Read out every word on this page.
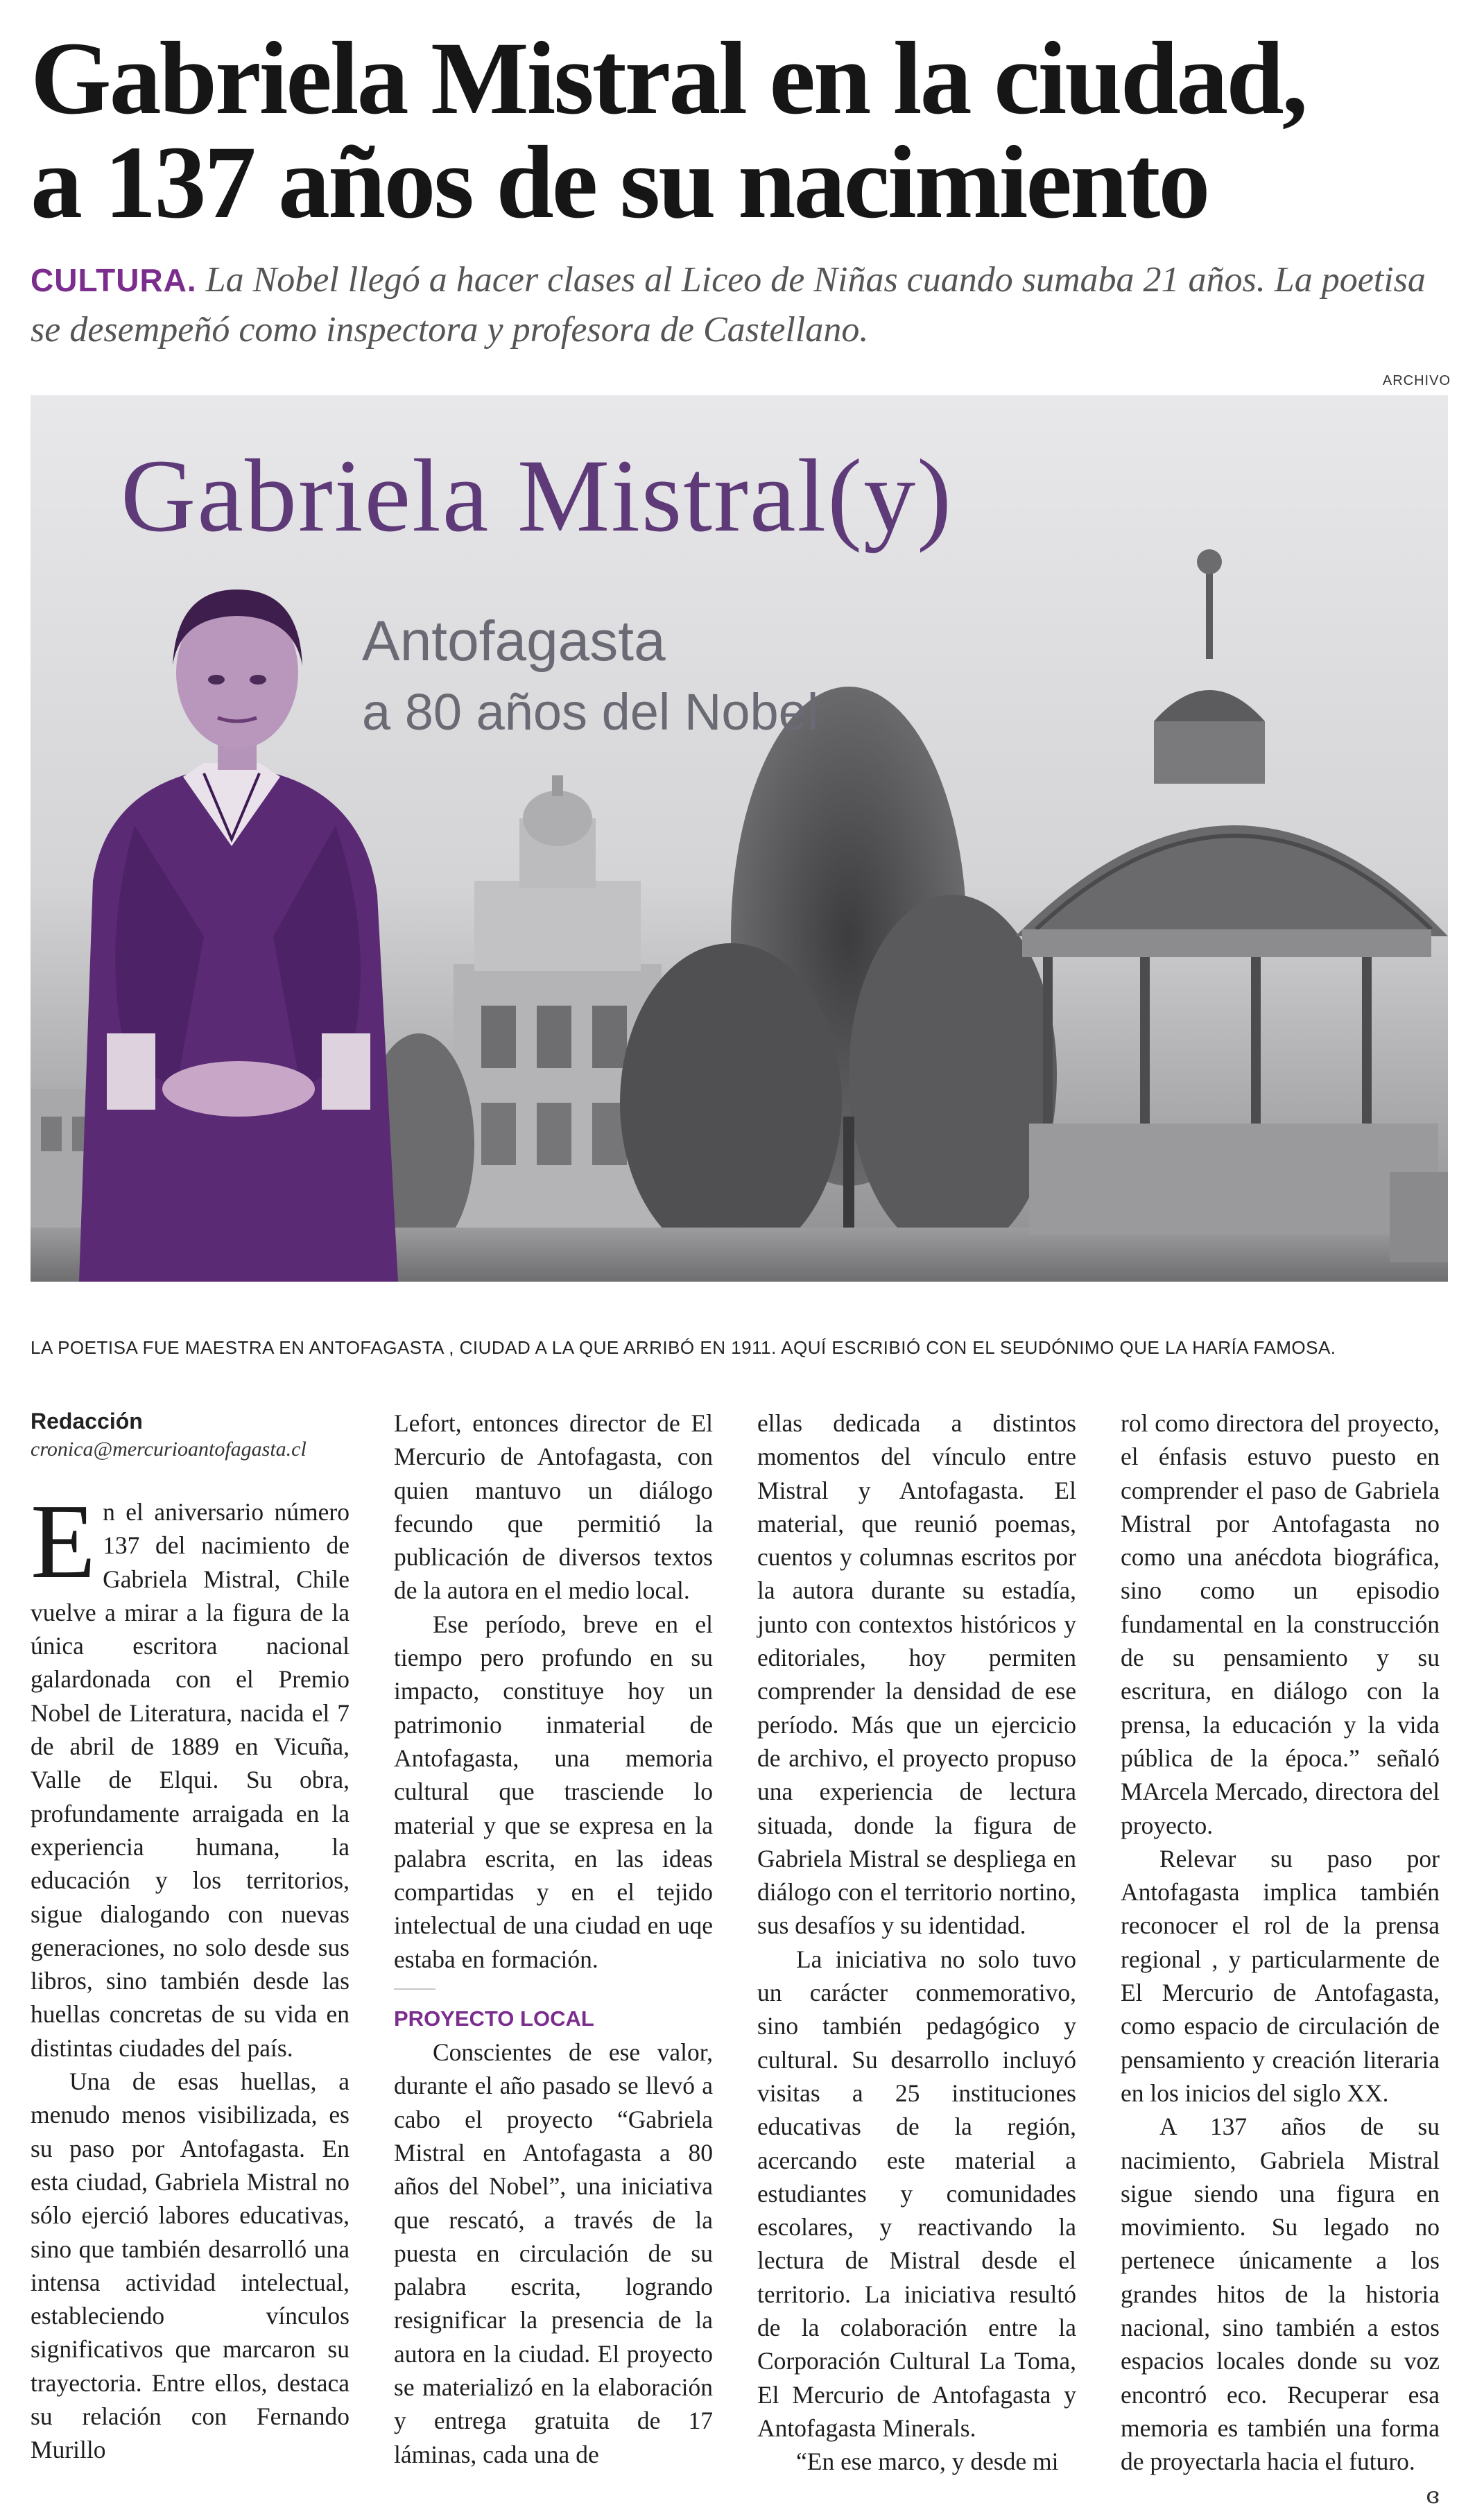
Gabriela Mistral en la ciudad,
a 137 años de su nacimiento
CULTURA. La Nobel llegó a hacer clases al Liceo de Niñas cuando sumaba 21 años. La poetisa se desempeñó como inspectora y profesora de Castellano.
ARCHIVO
Gabriela Mistral(y)
Antofagasta
a 80 años del Nobel
LA POETISA FUE MAESTRA EN ANTOFAGASTA , CIUDAD A LA QUE ARRIBÓ EN 1911. AQUÍ ESCRIBIÓ CON EL SEUDÓNIMO QUE LA HARÍA FAMOSA.
Redacción
cronica@mercurioantofagasta.cl

En el aniversario número 137 del nacimiento de Gabriela Mistral, Chile vuelve a mirar a la figura de la única escritora nacional galardonada con el Premio Nobel de Literatura, nacida el 7 de abril de 1889 en Vicuña, Valle de Elqui. Su obra, profundamente arraigada en la experiencia humana, la educación y los territorios, sigue dialogando con nuevas generaciones, no solo desde sus libros, sino también desde las huellas concretas de su vida en distintas ciudades del país.

Una de esas huellas, a menudo menos visibilizada, es su paso por Antofagasta. En esta ciudad, Gabriela Mistral no sólo ejerció labores educativas, sino que también desarrolló una intensa actividad intelectual, estableciendo vínculos significativos que marcaron su trayectoria. Entre ellos, destaca su relación con Fernando Murillo

Lefort, entonces director de El Mercurio de Antofagasta, con quien mantuvo un diálogo fecundo que permitió la publicación de diversos textos de la autora en el medio local.

Ese período, breve en el tiempo pero profundo en su impacto, constituye hoy un patrimonio inmaterial de Antofagasta, una memoria cultural que trasciende lo material y que se expresa en la palabra escrita, en las ideas compartidas y en el tejido intelectual de una ciudad en uqe estaba en formación.

PROYECTO LOCAL

Conscientes de ese valor, durante el año pasado se llevó a cabo el proyecto “Gabriela Mistral en Antofagasta a 80 años del Nobel”, una iniciativa que rescató, a través de la puesta en circulación de su palabra escrita, logrando resignificar la presencia de la autora en la ciudad. El proyecto se materializó en la elaboración y entrega gratuita de 17 láminas, cada una de

ellas dedicada a distintos momentos del vínculo entre Mistral y Antofagasta. El material, que reunió poemas, cuentos y columnas escritos por la autora durante su estadía, junto con contextos históricos y editoriales, hoy permiten comprender la densidad de ese período. Más que un ejercicio de archivo, el proyecto propuso una experiencia de lectura situada, donde la figura de Gabriela Mistral se despliega en diálogo con el territorio nortino, sus desafíos y su identidad.

La iniciativa no solo tuvo un carácter conmemorativo, sino también pedagógico y cultural. Su desarrollo incluyó visitas a 25 instituciones educativas de la región, acercando este material a estudiantes y comunidades escolares, y reactivando la lectura de Mistral desde el territorio. La iniciativa resultó de la colaboración entre la Corporación Cultural La Toma, El Mercurio de Antofagasta y Antofagasta Minerals.

“En ese marco, y desde mi

rol como directora del proyecto, el énfasis estuvo puesto en comprender el paso de Gabriela Mistral por Antofagasta no como una anécdota biográfica, sino como un episodio fundamental en la construcción de su pensamiento y su escritura, en diálogo con la prensa, la educación y la vida pública de la época.” señaló MArcela Mercado, directora del proyecto.

Relevar su paso por Antofagasta implica también reconocer el rol de la prensa regional , y particularmente de El Mercurio de Antofagasta, como espacio de circulación de pensamiento y creación literaria en los inicios del siglo XX.

A 137 años de su nacimiento, Gabriela Mistral sigue siendo una figura en movimiento. Su legado no pertenece únicamente a los grandes hitos de la historia nacional, sino también a estos espacios locales donde su voz encontró eco. Recuperar esa memoria es también una forma de proyectarla hacia el futuro.
ɞ
